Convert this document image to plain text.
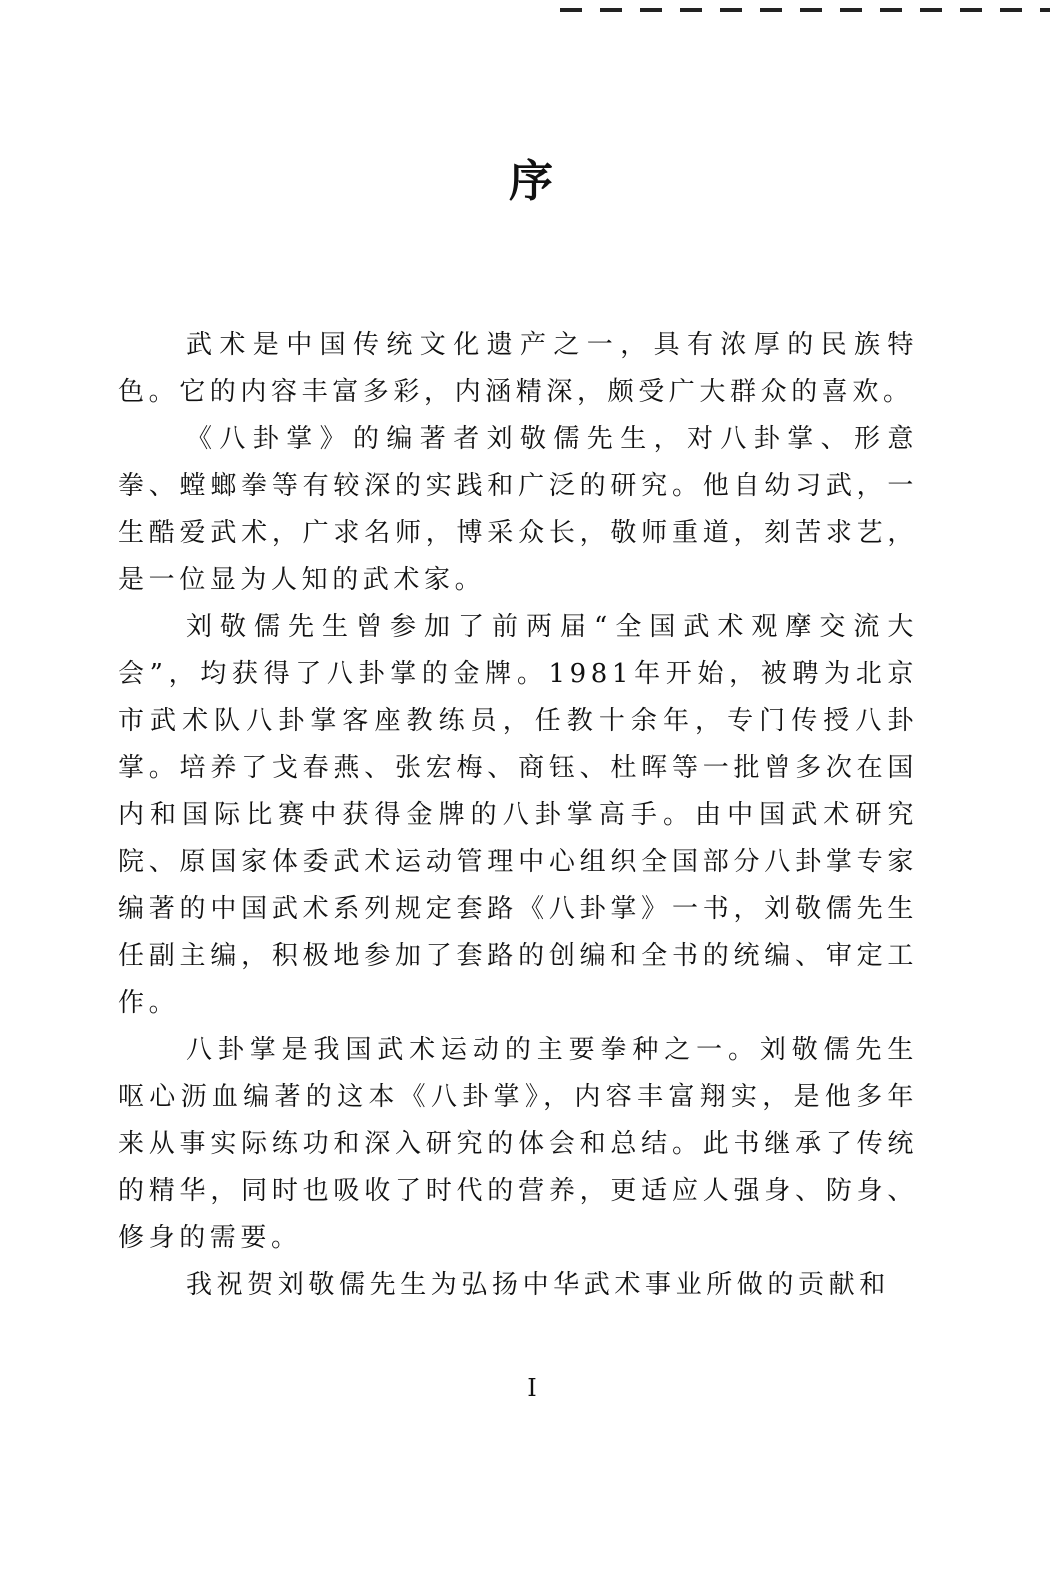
序

武术是中国传统文化遗产之一，具有浓厚的民族特色。它的内容丰富多彩，内涵精深，颇受广大群众的喜欢。

《八卦掌》的编著者刘敬儒先生，对八卦掌、形意拳、螳螂拳等有较深的实践和广泛的研究。他自幼习武，一生酷爱武术，广求名师，博采众长，敬师重道，刻苦求艺，是一位显为人知的武术家。

刘敬儒先生曾参加了前两届“全国武术观摩交流大会”，均获得了八卦掌的金牌。1981年开始，被聘为北京市武术队八卦掌客座教练员，任教十余年，专门传授八卦掌。培养了戈春燕、张宏梅、商钰、杜晖等一批曾多次在国内和国际比赛中获得金牌的八卦掌高手。由中国武术研究院、原国家体委武术运动管理中心组织全国部分八卦掌专家编著的中国武术系列规定套路《八卦掌》一书，刘敬儒先生任副主编，积极地参加了套路的创编和全书的统编、审定工作。

八卦掌是我国武术运动的主要拳种之一。刘敬儒先生呕心沥血编著的这本《八卦掌》，内容丰富翔实，是他多年来从事实际练功和深入研究的体会和总结。此书继承了传统的精华，同时也吸收了时代的营养，更适应人强身、防身、修身的需要。

我祝贺刘敬儒先生为弘扬中华武术事业所做的贡献和

I
